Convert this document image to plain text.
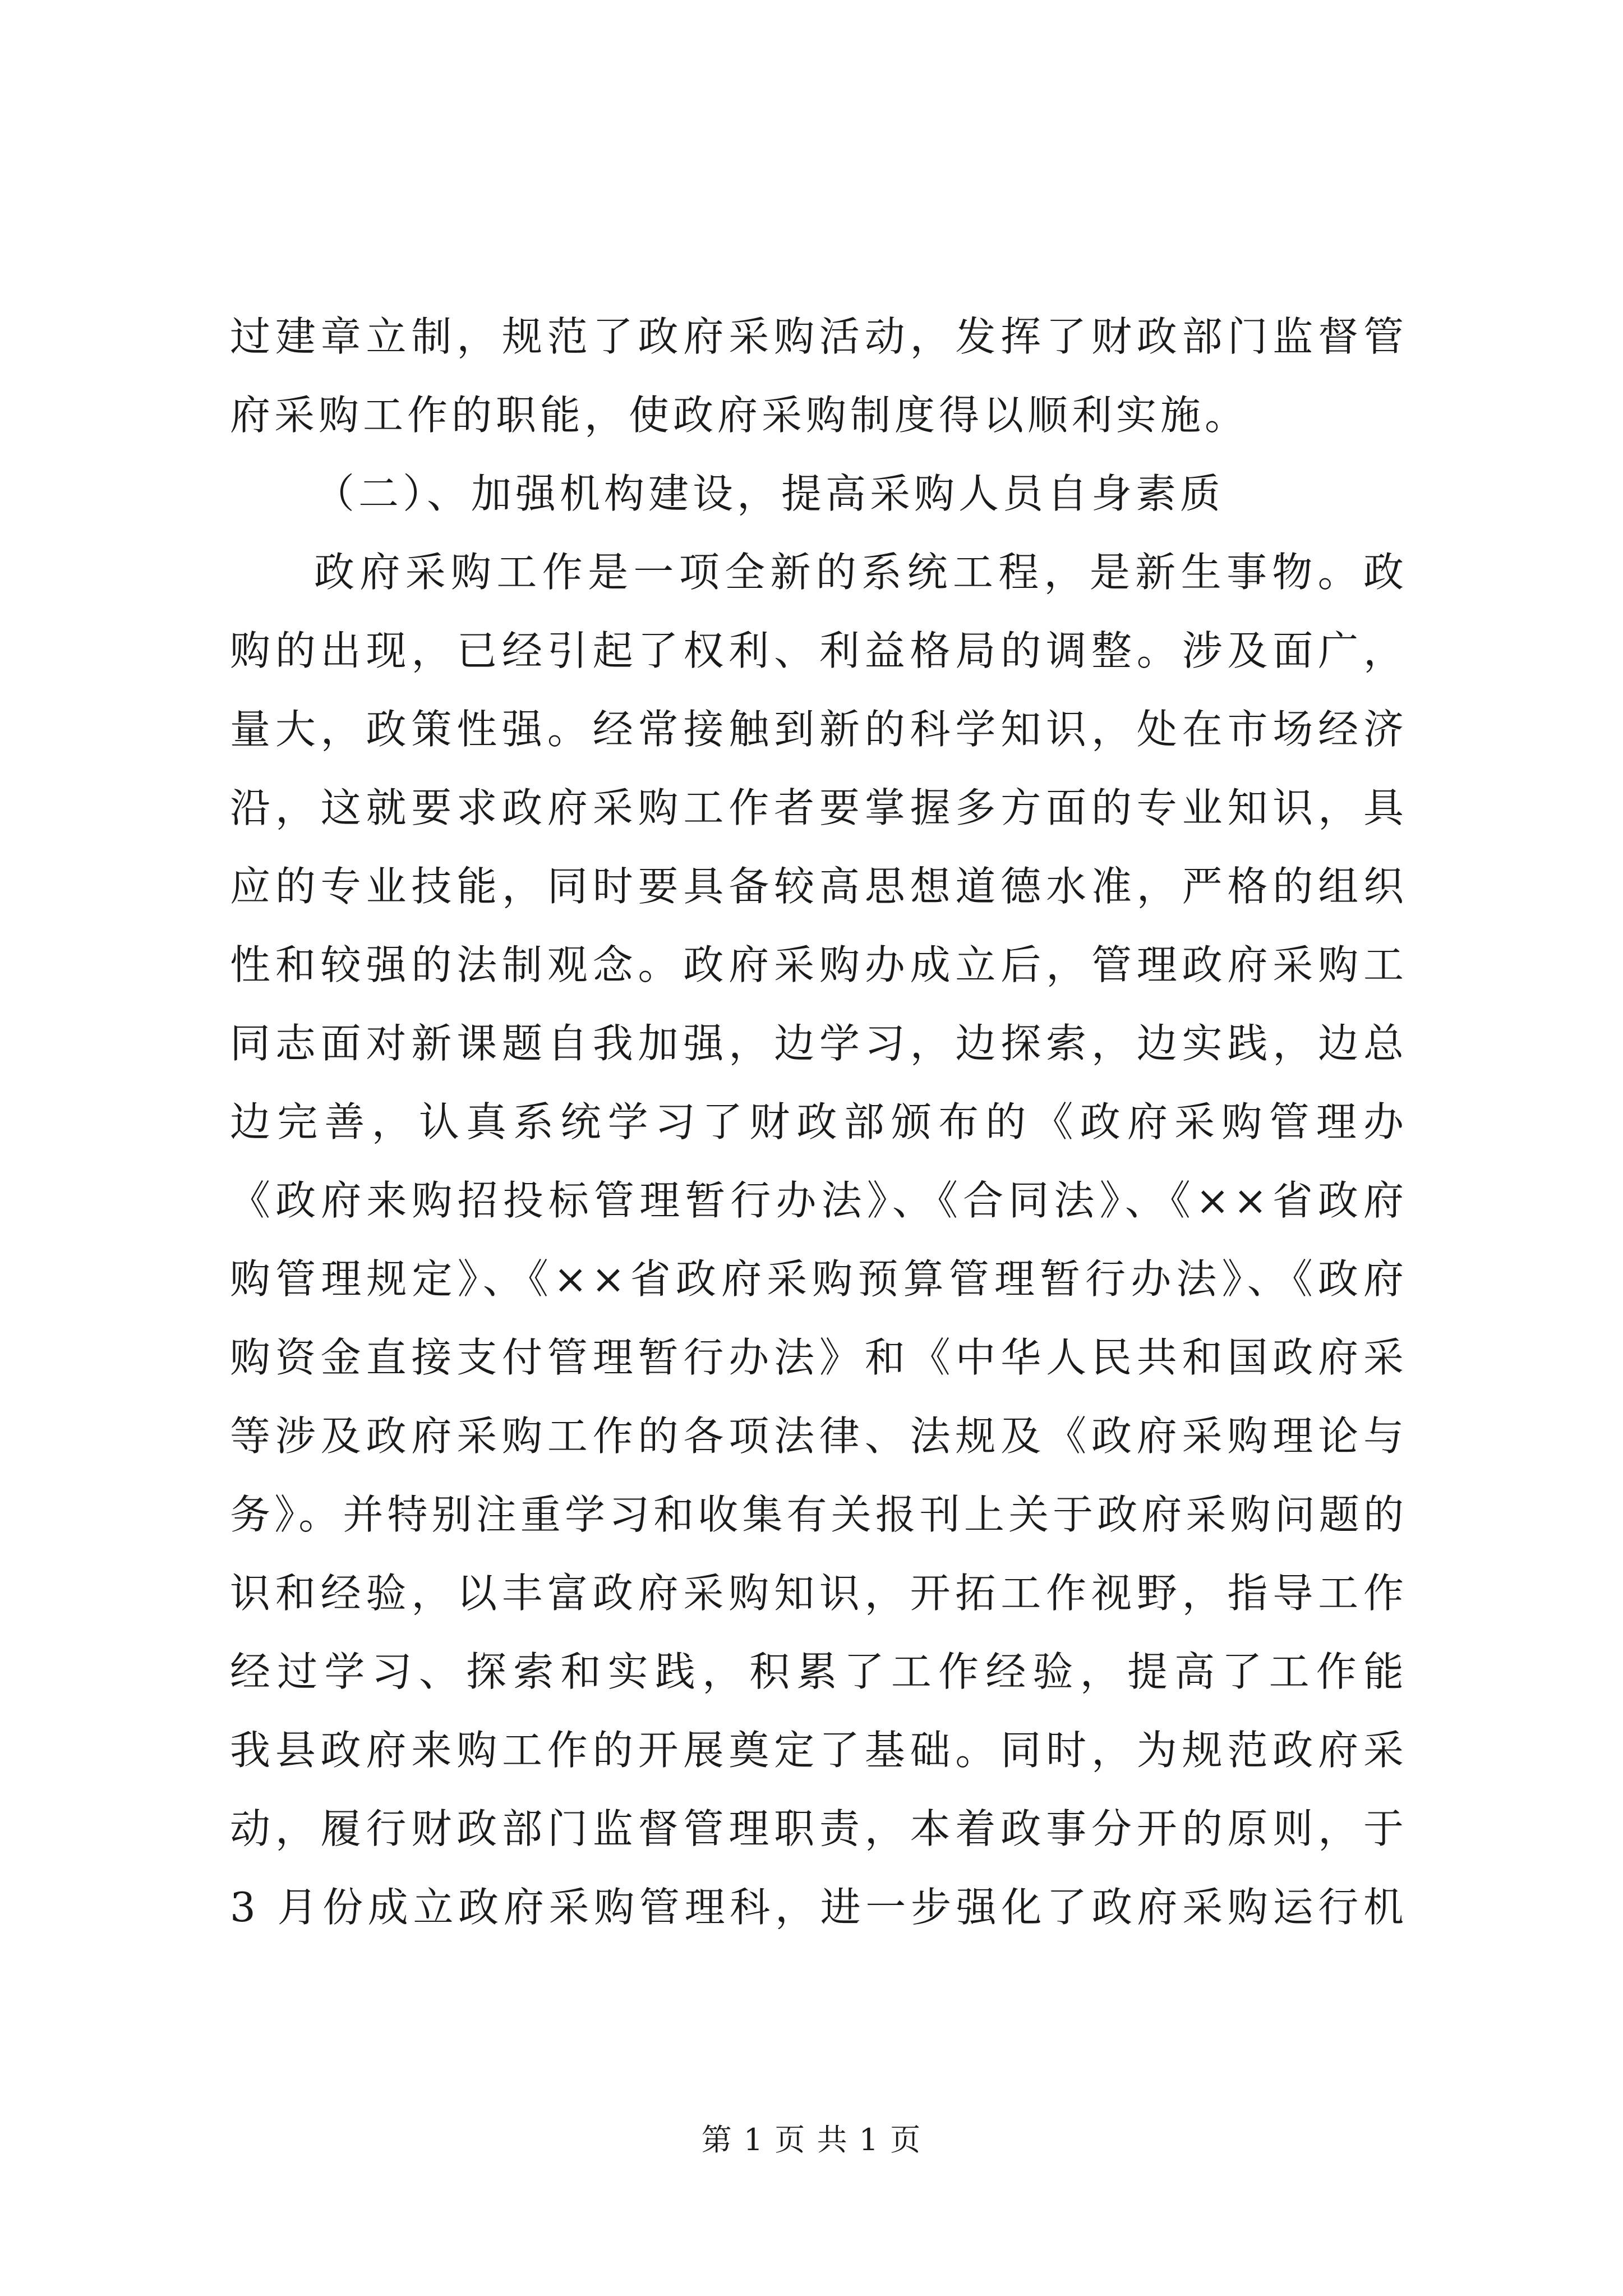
过建章立制，规范了政府采购活动，发挥了财政部门监督管
府采购工作的职能，使政府采购制度得以顺利实施。
（二）、加强机构建设，提高采购人员自身素质
政府采购工作是一项全新的系统工程，是新生事物。政
购的出现，已经引起了权利、利益格局的调整。涉及面广，
量大，政策性强。经常接触到新的科学知识，处在市场经济
沿，这就要求政府采购工作者要掌握多方面的专业知识，具
应的专业技能，同时要具备较高思想道德水准，严格的组织
性和较强的法制观念。政府采购办成立后，管理政府采购工
同志面对新课题自我加强，边学习，边探索，边实践，边总
边完善，认真系统学习了财政部颁布的《政府采购管理办
《政府来购招投标管理暂行办法》、《合同法》、《××省政府
购管理规定》、《××省政府采购预算管理暂行办法》、《政府
购资金直接支付管理暂行办法》和《中华人民共和国政府采
等涉及政府采购工作的各项法律、法规及《政府采购理论与
务》。并特别注重学习和收集有关报刊上关于政府采购问题的
识和经验，以丰富政府采购知识，开拓工作视野，指导工作
经过学习、探索和实践，积累了工作经验，提高了工作能
我县政府来购工作的开展奠定了基础。同时，为规范政府采
动，履行财政部门监督管理职责，本着政事分开的原则，于
3 月份成立政府采购管理科，进一步强化了政府采购运行机
第 1 页 共 1 页
